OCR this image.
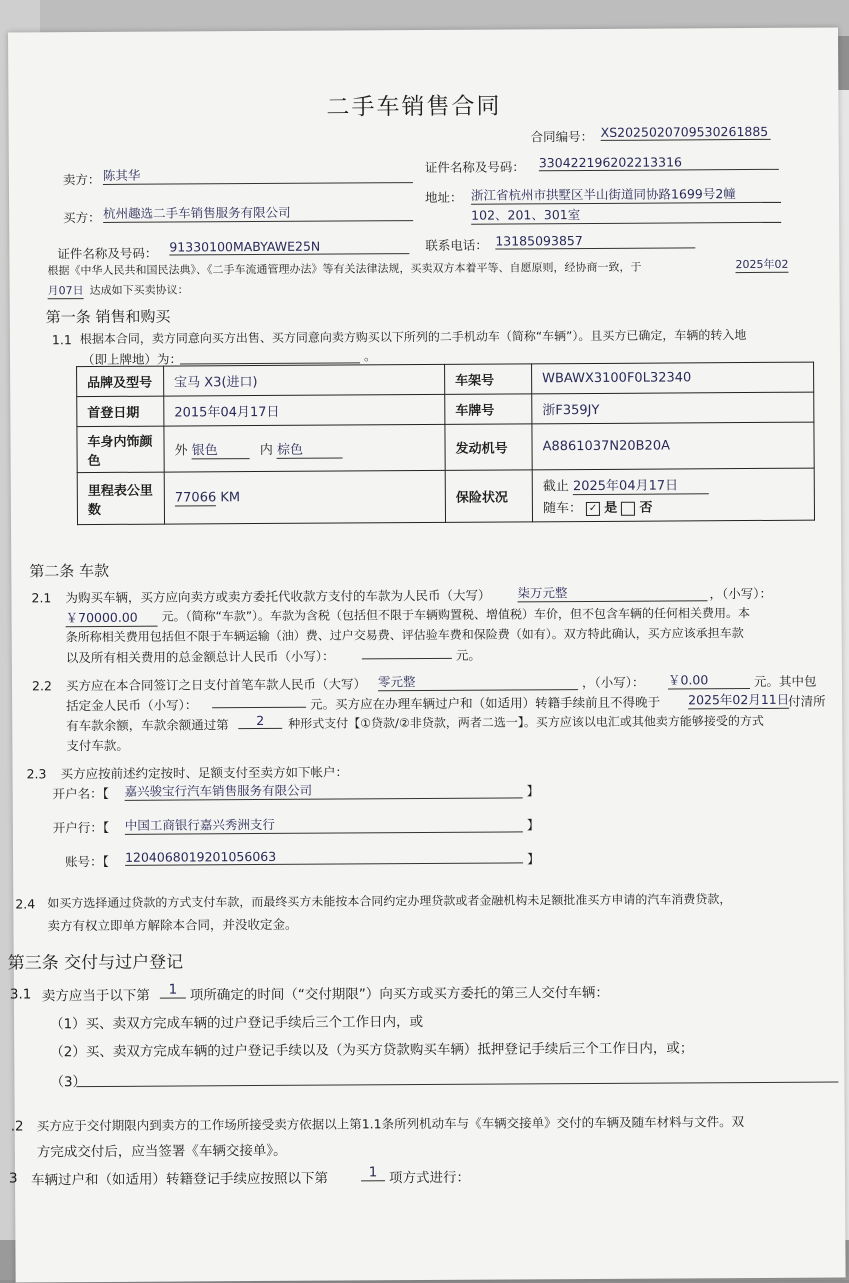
二手车销售合同
合同编号： XS2025020709530261885
卖方： 陈其华
证件名称及号码： 330422196202213316
买方： 杭州趣选二手车销售服务有限公司
地址： 浙江省杭州市拱墅区半山街道同协路1699号2幢
102、201、301室
证件名称及号码： 91330100MABYAWE25N	联系电话： 13185093857
根据《中华人民共和国民法典》、《二手车流通管理办法》等有关法律法规，买卖双方本着平等、自愿原则，经协商一致，于	2025年02
月07日 达成如下买卖协议：
第一条 销售和购买
1.1 根据本合同，卖方同意向买方出售、买方同意向卖方购买以下所列的二手机动车（简称“车辆”）。且买方已确定，车辆的转入地
（即上牌地）为：	。
品牌及型号	宝马 X3(进口)	车架号	WBAWX3100F0L32340
首登日期	2015年04月17日	车牌号	浙F359JY
车身内饰颜色	外 银色 内 棕色	发动机号	A8861037N20B20A
里程表公里数	77066 KM	保险状况	截止 2025年04月17日
随车： ✓ 是 否
第二条 车款
2.1 为购买车辆，买方应向卖方或卖方委托代收款方支付的车款为人民币（大写） 柒万元整	，（小写）：
￥70000.00	元。（简称“车款”）。车款为含税（包括但不限于车辆购置税、增值税）车价，但不包含车辆的任何相关费用。本
条所称相关费用包括但不限于车辆运输（油）费、过户交易费、评估验车费和保险费（如有）。双方特此确认，买方应该承担车款
以及所有相关费用的总金额总计人民币（小写）：	元。
2.2 买方应在本合同签订之日支付首笔车款人民币（大写） 零元整	，（小写）： ￥0.00	元。其中包
括定金人民币（小写）：	元。买方应在办理车辆过户和（如适用）转籍手续前且不得晚于 2025年02月11日
付清所
有车款余额，车款余额通过第	2	种形式支付【①贷款/②非贷款，两者二选一】。买方应该以电汇或其他卖方能够接受的方式
支付车款。
2.3 买方应按前述约定按时、足额支付至卖方如下帐户：
开户名：【 嘉兴骏宝行汽车销售服务有限公司	】
开户行：【 中国工商银行嘉兴秀洲支行	】
账号：【 1204068019201056063	】
2.4 如买方选择通过贷款的方式支付车款，而最终买方未能按本合同约定办理贷款或者金融机构未足额批准买方申请的汽车消费贷款，
卖方有权立即单方解除本合同，并没收定金。
第三条 交付与过户登记
3.1 卖方应当于以下第	1 项所确定的时间（“交付期限”）向买方或买方委托的第三人交付车辆：
（1）买、卖双方完成车辆的过户登记手续后三个工作日内，或
（2）买、卖双方完成车辆的过户登记手续以及（为买方贷款购买车辆）抵押登记手续后三个工作日内，或；
（3）
.2 买方应于交付期限内到卖方的工作场所接受卖方依据以上第1.1条所列机动车与《车辆交接单》交付的车辆及随车材料与文件。双
方完成交付后，应当签署《车辆交接单》。
3 车辆过户和（如适用）转籍登记手续应按照以下第	1 项方式进行：
